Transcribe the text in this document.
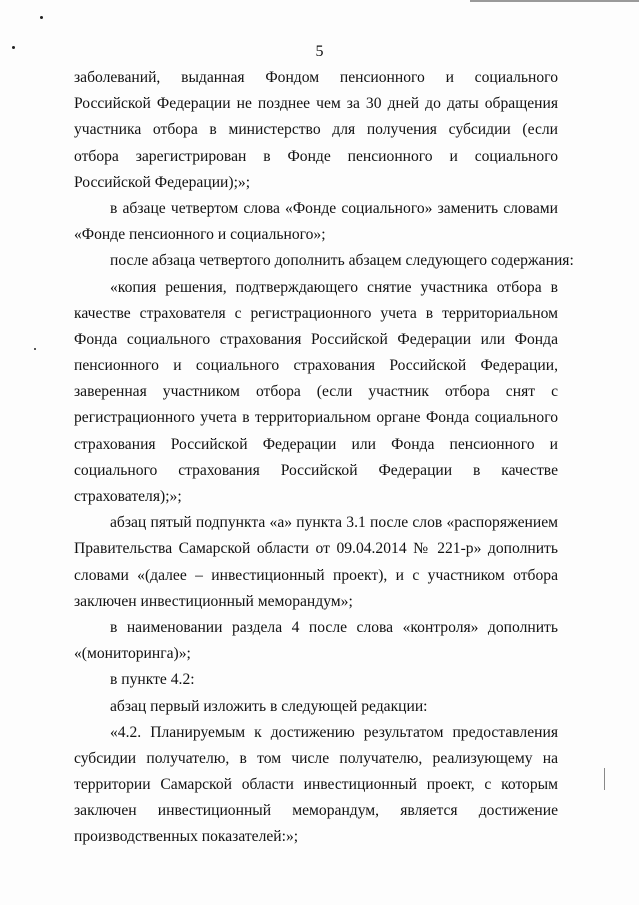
5
заболеваний, выданная Фондом пенсионного и социального
Российской Федерации не позднее чем за 30 дней до даты обращения
участника отбора в министерство для получения субсидии (если
отбора зарегистрирован в Фонде пенсионного и социального
Российской Федерации);»;
в абзаце четвертом слова «Фонде социального» заменить словами
«Фонде пенсионного и социального»;
после абзаца четвертого дополнить абзацем следующего содержания:
«копия решения, подтверждающего снятие участника отбора в
качестве страхователя с регистрационного учета в территориальном
Фонда социального страхования Российской Федерации или Фонда
пенсионного и социального страхования Российской Федерации,
заверенная участником отбора (если участник отбора снят с
регистрационного учета в территориальном органе Фонда социального
страхования Российской Федерации или Фонда пенсионного и
социального страхования Российской Федерации в качестве
страхователя);»;
абзац пятый подпункта «а» пункта 3.1 после слов «распоряжением
Правительства Самарской области от 09.04.2014 № 221-р» дополнить
словами «(далее – инвестиционный проект), и с участником отбора
заключен инвестиционный меморандум»;
в наименовании раздела 4 после слова «контроля» дополнить
«(мониторинга)»;
в пункте 4.2:
абзац первый изложить в следующей редакции:
«4.2. Планируемым к достижению результатом предоставления
субсидии получателю, в том числе получателю, реализующему на
территории Самарской области инвестиционный проект, с которым
заключен инвестиционный меморандум, является достижение
производственных показателей:»;
